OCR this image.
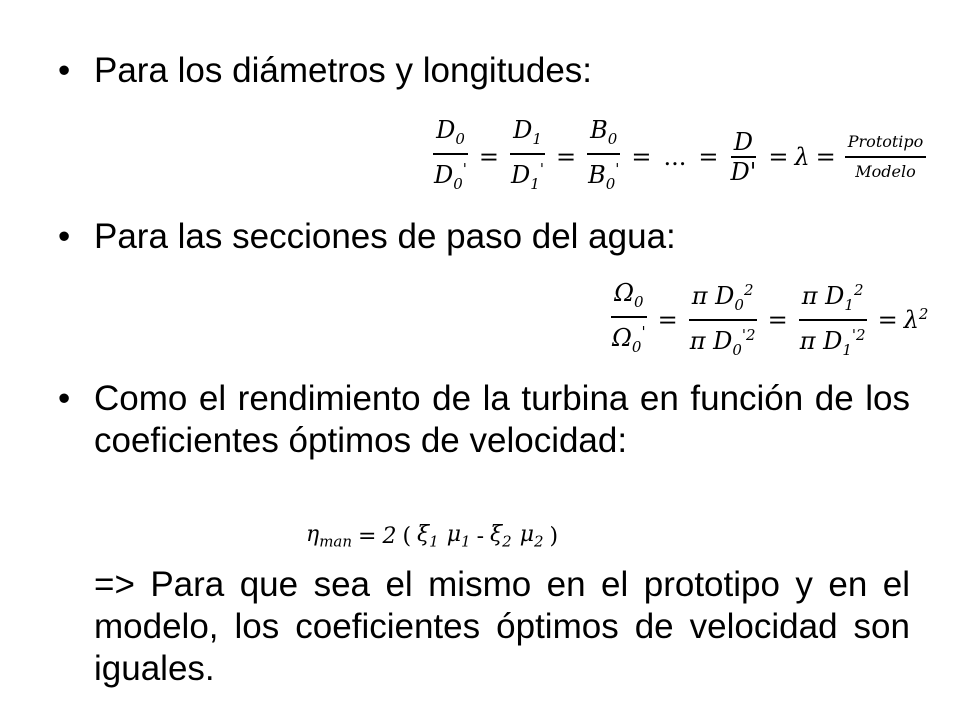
• Para los diámetros y longitudes:
$\frac{D_0}{D_0'} = \frac{D_1}{D_1'} = \frac{B_0}{B_0'}$ = ... = $\frac{D}{D'} = \lambda = \frac{\text{Prototipo}}{\text{Modelo}}$
• Para las secciones de paso del agua:
$\frac{\Omega_0}{\Omega_0'} = \frac{\pi D_0^2}{\pi D_0^{'2}} = \frac{\pi D_1^2}{\pi D_1^{'2}} = \lambda^2$
• Como el rendimiento de la turbina en función de los coeficientes óptimos de velocidad:
$\eta_{man} = 2$ ( $\xi_1$ $\mu_1 - \xi_2$ $\mu_2$ )
=> Para que sea el mismo en el prototipo y en el modelo, los coeficientes óptimos de velocidad son iguales.
